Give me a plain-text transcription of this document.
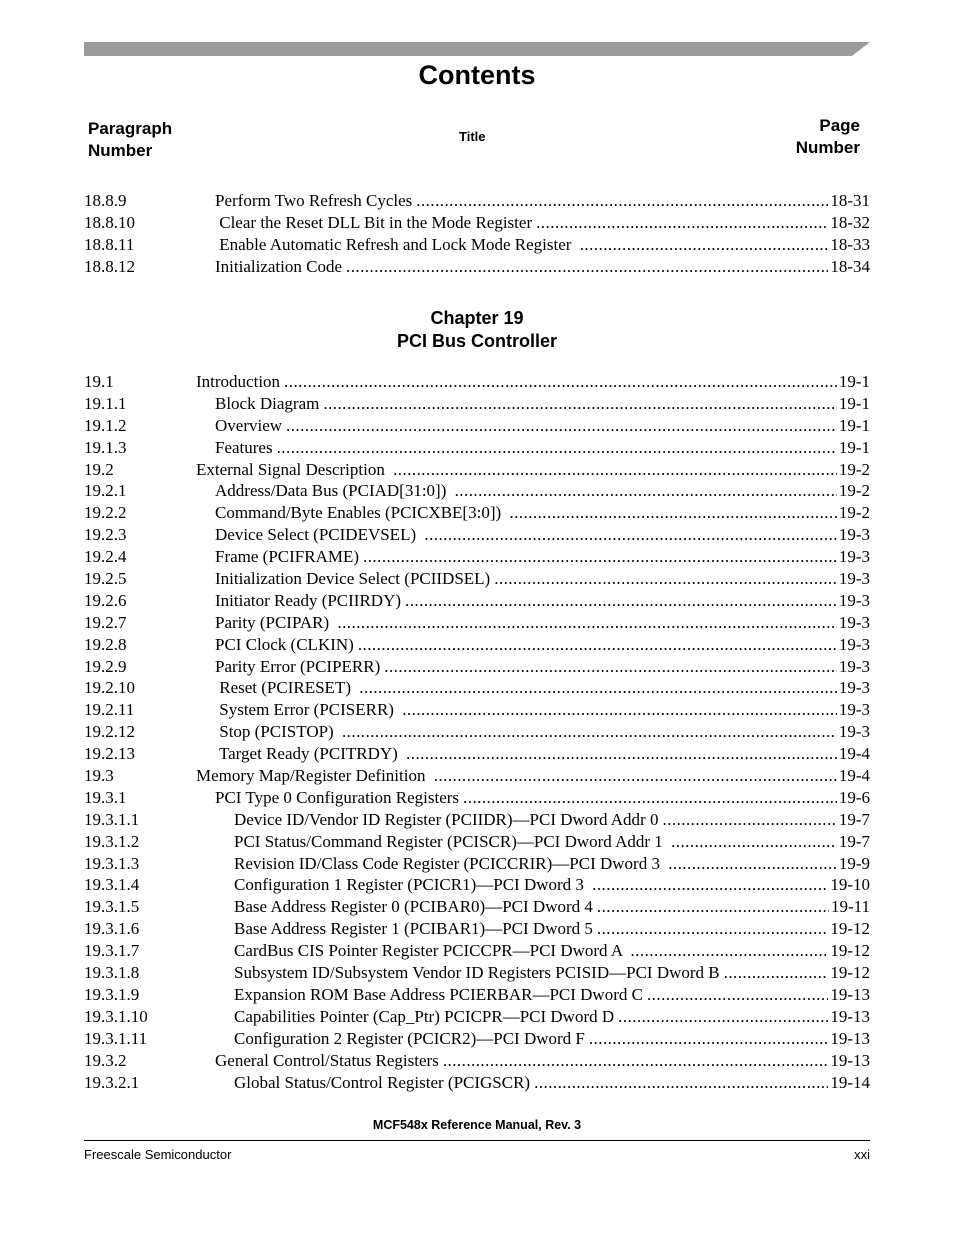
Contents
Paragraph
Number
Title
Page
Number
18.8.9	Perform Two Refresh Cycles . . .	18-31
18.8.10	Clear the Reset DLL Bit in the Mode Register . . .	18-32
18.8.11	Enable Automatic Refresh and Lock Mode Register . . .	18-33
18.8.12	Initialization Code . . .	18-34
Chapter 19
PCI Bus Controller
19.1	Introduction . . .	19-1
19.1.1	Block Diagram . . .	19-1
19.1.2	Overview . . .	19-1
19.1.3	Features . . .	19-1
19.2	External Signal Description . . .	19-2
19.2.1	Address/Data Bus (PCIAD[31:0]) . . .	19-2
19.2.2	Command/Byte Enables (PCICXBE[3:0]) . . .	19-2
19.2.3	Device Select (PCIDEVSEL) . . .	19-3
19.2.4	Frame (PCIFRAME) . . .	19-3
19.2.5	Initialization Device Select (PCIIDSEL) . . .	19-3
19.2.6	Initiator Ready (PCIIRDY) . . .	19-3
19.2.7	Parity (PCIPAR) . . .	19-3
19.2.8	PCI Clock (CLKIN) . . .	19-3
19.2.9	Parity Error (PCIPERR) . . .	19-3
19.2.10	Reset (PCIRESET) . . .	19-3
19.2.11	System Error (PCISERR) . . .	19-3
19.2.12	Stop (PCISTOP) . . .	19-3
19.2.13	Target Ready (PCITRDY) . . .	19-4
19.3	Memory Map/Register Definition . . .	19-4
19.3.1	PCI Type 0 Configuration Registers . . .	19-6
19.3.1.1	Device ID/Vendor ID Register (PCIIDR)—PCI Dword Addr 0 . . .	19-7
19.3.1.2	PCI Status/Command Register (PCISCR)—PCI Dword Addr 1 . . .	19-7
19.3.1.3	Revision ID/Class Code Register (PCICCRIR)—PCI Dword 3 . . .	19-9
19.3.1.4	Configuration 1 Register (PCICR1)—PCI Dword 3 . . .	19-10
19.3.1.5	Base Address Register 0 (PCIBAR0)—PCI Dword 4 . . .	19-11
19.3.1.6	Base Address Register 1 (PCIBAR1)—PCI Dword 5 . . .	19-12
19.3.1.7	CardBus CIS Pointer Register PCICCPR—PCI Dword A . . .	19-12
19.3.1.8	Subsystem ID/Subsystem Vendor ID Registers PCISID—PCI Dword B . . .	19-12
19.3.1.9	Expansion ROM Base Address PCIERBAR—PCI Dword C . . .	19-13
19.3.1.10	Capabilities Pointer (Cap_Ptr) PCICPR—PCI Dword D . . .	19-13
19.3.1.11	Configuration 2 Register (PCICR2)—PCI Dword F . . .	19-13
19.3.2	General Control/Status Registers . . .	19-13
19.3.2.1	Global Status/Control Register (PCIGSCR) . . .	19-14
MCF548x Reference Manual, Rev. 3
Freescale Semiconductor	xxi
